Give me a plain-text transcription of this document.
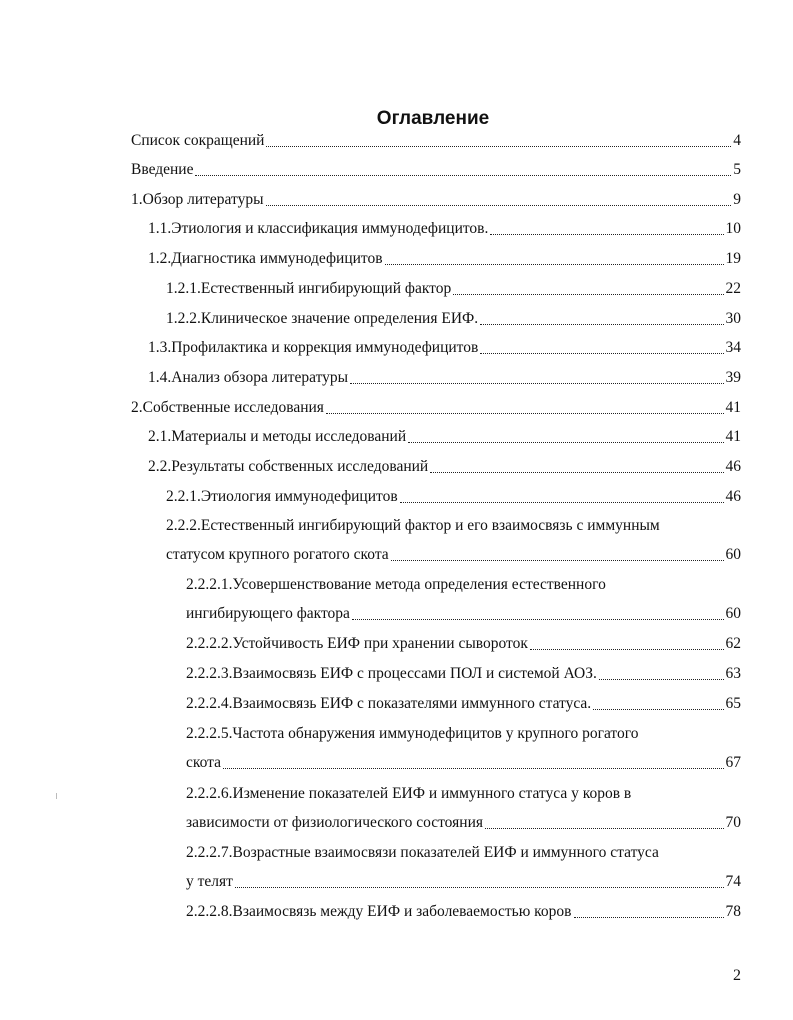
Оглавление
Список сокращений	4
Введение	5
1.Обзор литературы	9
1.1.Этиология и классификация иммунодефицитов.	10
1.2.Диагностика иммунодефицитов	19
1.2.1.Естественный ингибирующий фактор	22
1.2.2.Клиническое значение определения ЕИФ.	30
1.3.Профилактика и коррекция иммунодефицитов	34
1.4.Анализ обзора литературы	39
2.Собственные исследования	41
2.1.Материалы и методы исследований	41
2.2.Результаты собственных исследований	46
2.2.1.Этиология иммунодефицитов	46
2.2.2.Естественный ингибирующий фактор и его взаимосвязь с иммунным
статусом крупного рогатого скота	60
2.2.2.1.Усовершенствование метода определения естественного
ингибирующего фактора	60
2.2.2.2.Устойчивость ЕИФ при хранении сывороток	62
2.2.2.3.Взаимосвязь ЕИФ с процессами ПОЛ и системой АОЗ.	63
2.2.2.4.Взаимосвязь ЕИФ с показателями иммунного статуса.	65
2.2.2.5.Частота обнаружения иммунодефицитов у крупного рогатого
скота	67
2.2.2.6.Изменение показателей ЕИФ и иммунного статуса у коров в
зависимости от физиологического состояния	70
2.2.2.7.Возрастные взаимосвязи показателей ЕИФ и иммунного статуса
у телят	74
2.2.2.8.Взаимосвязь между ЕИФ и заболеваемостью коров	78
2
